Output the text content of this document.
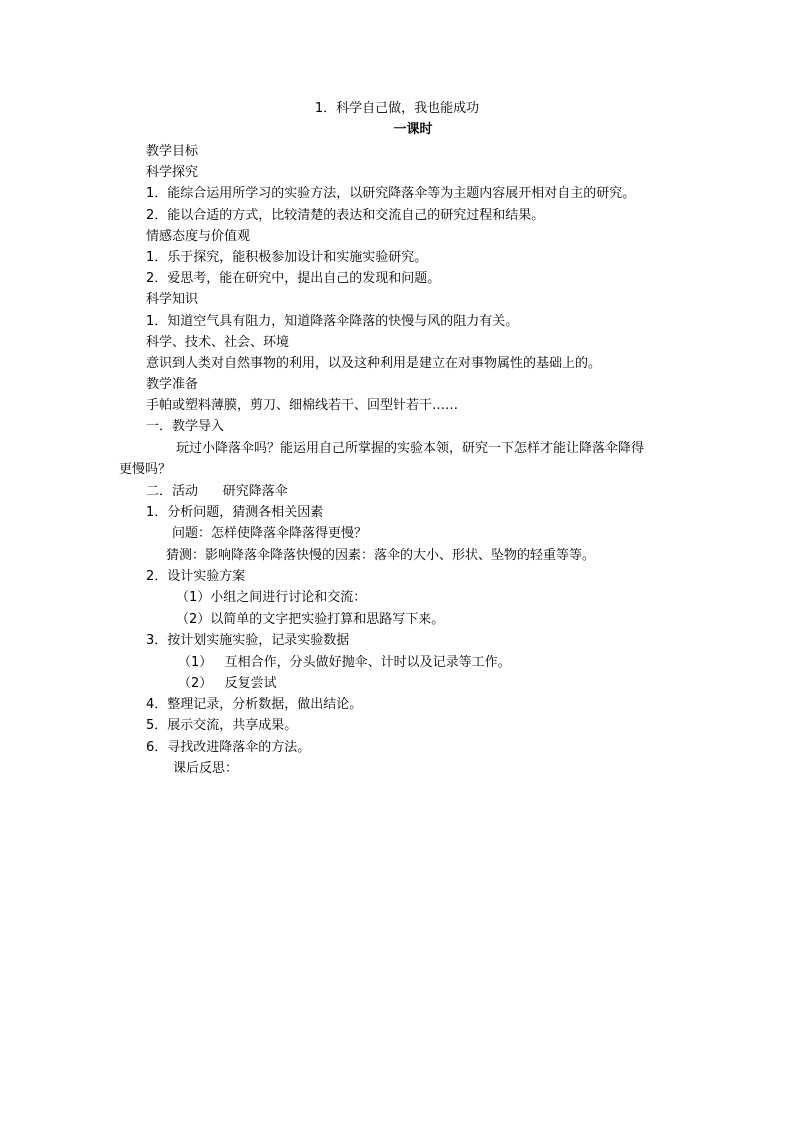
1．科学自己做，我也能成功
一课时
教学目标
科学探究
1．能综合运用所学习的实验方法，以研究降落伞等为主题内容展开相对自主的研究。
2．能以合适的方式，比较清楚的表达和交流自己的研究过程和结果。
情感态度与价值观
1．乐于探究，能积极参加设计和实施实验研究。
2．爱思考，能在研究中，提出自己的发现和问题。
科学知识
1．知道空气具有阻力，知道降落伞降落的快慢与风的阻力有关。
科学、技术、社会、环境
意识到人类对自然事物的利用，以及这种利用是建立在对事物属性的基础上的。
教学准备
手帕或塑料薄膜，剪刀、细棉线若干、回型针若干……
一．教学导入
玩过小降落伞吗？能运用自己所掌握的实验本领，研究一下怎样才能让降落伞降得
更慢吗？
二．活动      研究降落伞
1．分析问题，猜测各相关因素
问题：怎样使降落伞降落得更慢？
猜测：影响降落伞降落快慢的因素：落伞的大小、形状、坠物的轻重等等。
2．设计实验方案
（1）小组之间进行讨论和交流：
（2）以简单的文字把实验打算和思路写下来。
3．按计划实施实验，记录实验数据
（1）   互相合作，分头做好抛伞、计时以及记录等工作。
（2）   反复尝试
4．整理记录，分析数据，做出结论。
5．展示交流，共享成果。
6．寻找改进降落伞的方法。
课后反思：
